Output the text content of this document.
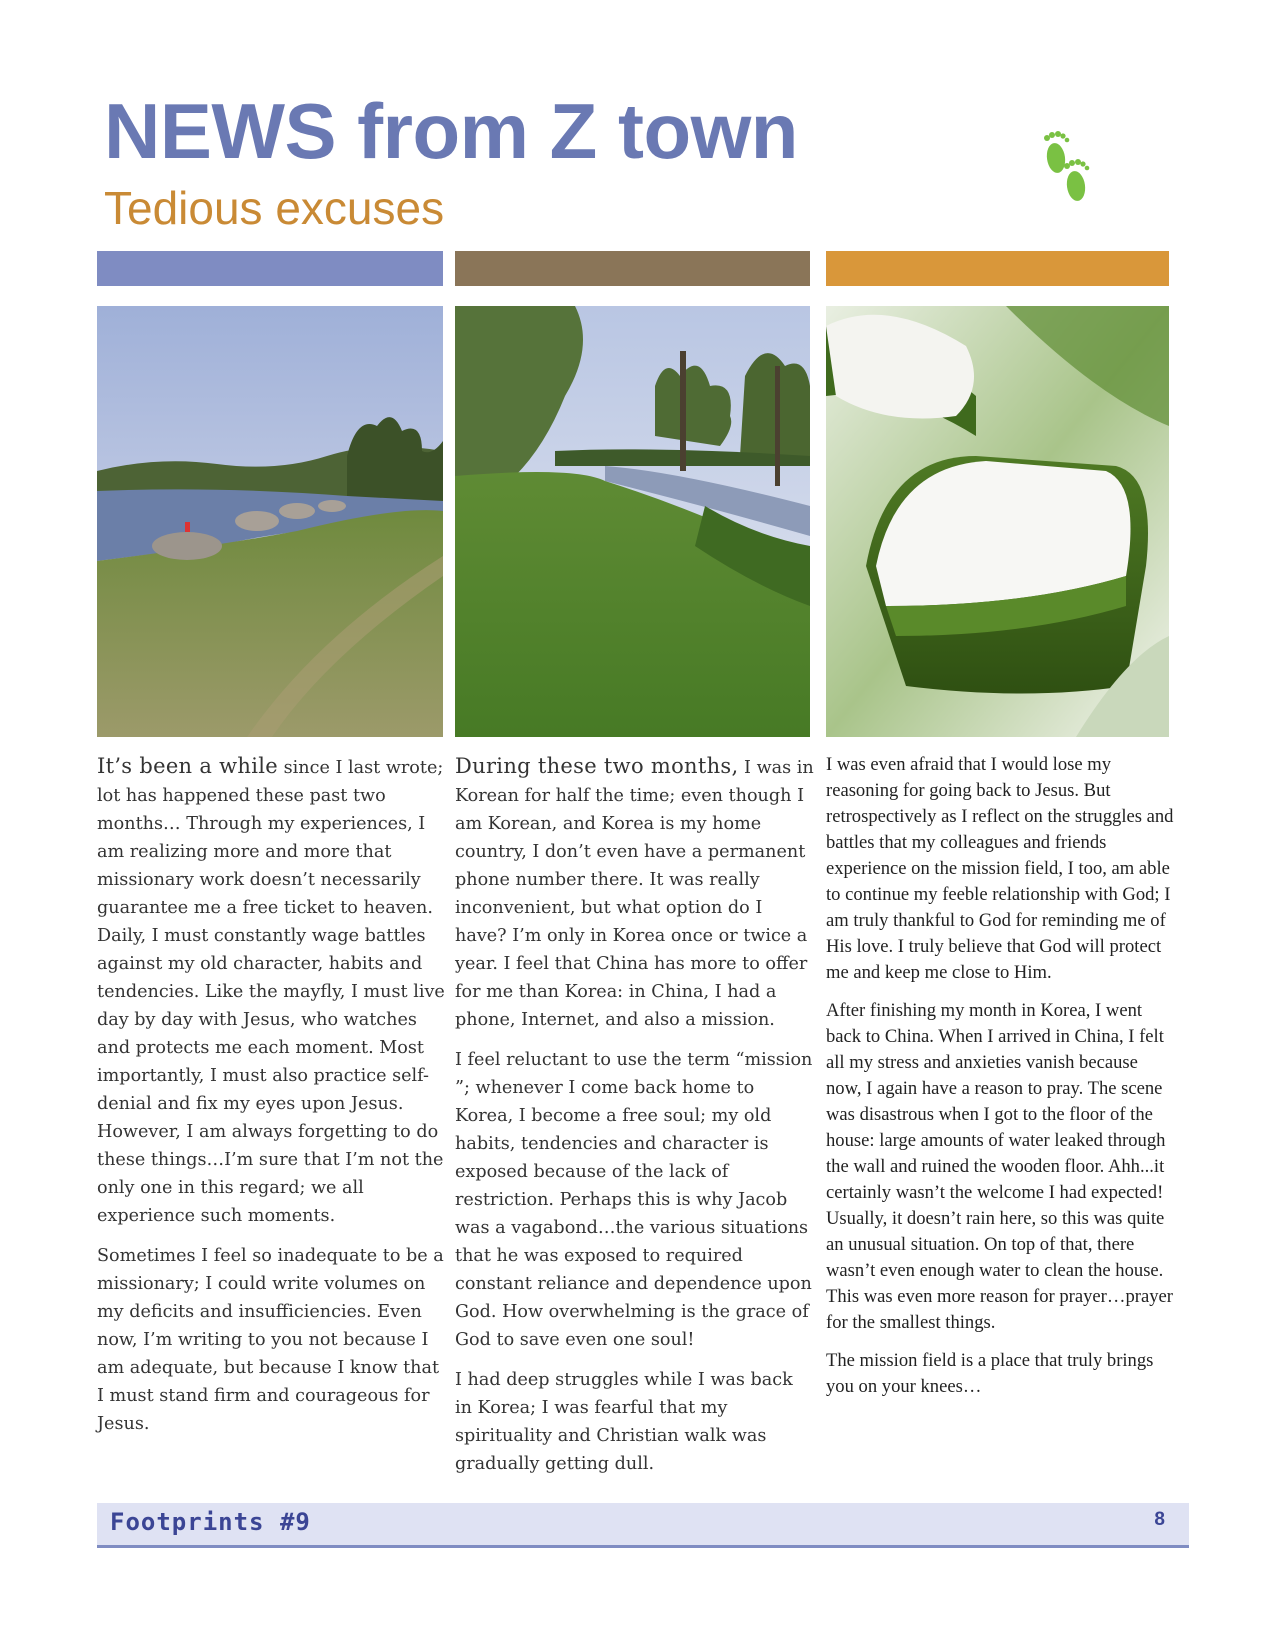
NEWS from Z town
Tedious excuses

It’s been a while since I last wrote; lot has happened these past two months… Through my experiences, I am realizing more and more that missionary work doesn’t necessarily guarantee me a free ticket to heaven. Daily, I must constantly wage battles against my old character, habits and tendencies. Like the mayfly, I must live day by day with Jesus, who watches and protects me each moment. Most importantly, I must also practice self-denial and fix my eyes upon Jesus. However, I am always forgetting to do these things…I’m sure that I’m not the only one in this regard; we all experience such moments.

Sometimes I feel so inadequate to be a missionary; I could write volumes on my deficits and insufficiencies. Even now, I’m writing to you not because I am adequate, but because I know that I must stand firm and courageous for Jesus.

During these two months, I was in Korean for half the time; even though I am Korean, and Korea is my home country, I don’t even have a permanent phone number there. It was really inconvenient, but what option do I have? I’m only in Korea once or twice a year. I feel that China has more to offer for me than Korea: in China, I had a phone, Internet, and also a mission.

I feel reluctant to use the term “mission ”; whenever I come back home to Korea, I become a free soul; my old habits, tendencies and character is exposed because of the lack of restriction. Perhaps this is why Jacob was a vagabond…the various situations that he was exposed to required constant reliance and dependence upon God. How overwhelming is the grace of God to save even one soul!

I had deep struggles while I was back in Korea; I was fearful that my spirituality and Christian walk was gradually getting dull.

I was even afraid that I would lose my reasoning for going back to Jesus. But retrospectively as I reflect on the struggles and battles that my colleagues and friends experience on the mission field, I too, am able to continue my feeble relationship with God; I am truly thankful to God for reminding me of His love. I truly believe that God will protect me and keep me close to Him.

After finishing my month in Korea, I went back to China. When I arrived in China, I felt all my stress and anxieties vanish because now, I again have a reason to pray. The scene was disastrous when I got to the floor of the house: large amounts of water leaked through the wall and ruined the wooden floor. Ahh...it certainly wasn’t the welcome I had expected! Usually, it doesn’t rain here, so this was quite an unusual situation. On top of that, there wasn’t even enough water to clean the house. This was even more reason for prayer…prayer for the smallest things.

The mission field is a place that truly brings you on your knees…

Footprints #9	8
